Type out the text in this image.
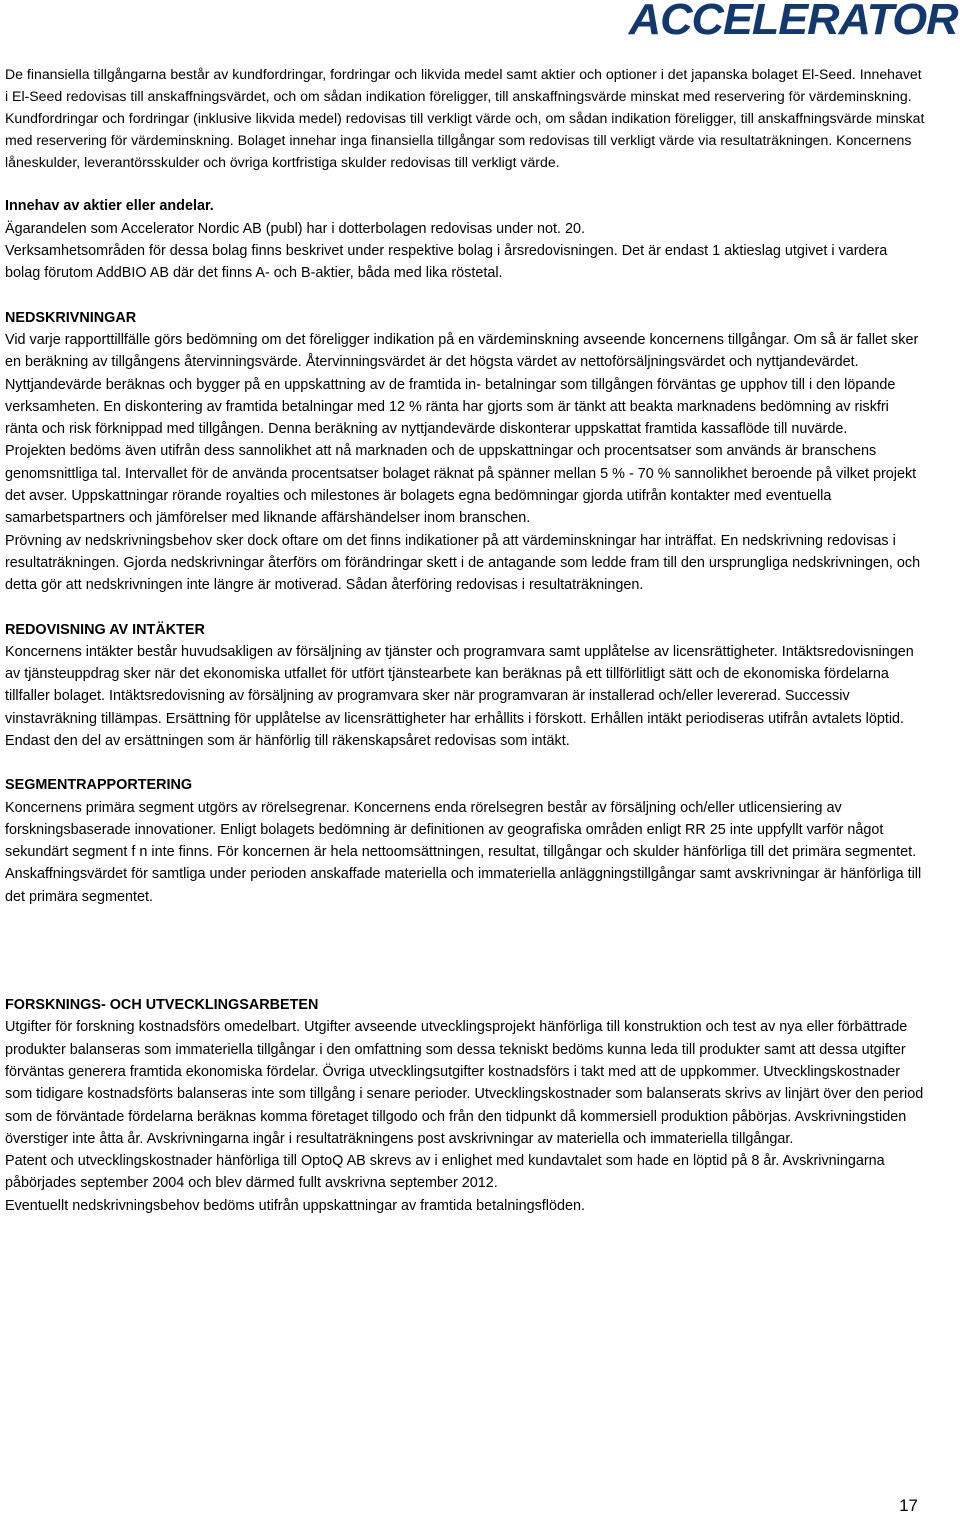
ACCELERATOR

De finansiella tillgångarna består av kundfordringar, fordringar och likvida medel samt aktier och optioner i det japanska bolaget El-Seed. Innehavet i El-Seed redovisas till anskaffningsvärdet, och om sådan indikation föreligger, till anskaffningsvärde minskat med reservering för värdeminskning. Kundfordringar och fordringar (inklusive likvida medel) redovisas till verkligt värde och, om sådan indikation föreligger, till anskaffningsvärde minskat med reservering för värdeminskning. Bolaget innehar inga finansiella tillgångar som redovisas till verkligt värde via resultaträkningen. Koncernens låneskulder, leverantörsskulder och övriga kortfristiga skulder redovisas till verkligt värde.

Innehav av aktier eller andelar.

Ägarandelen som Accelerator Nordic AB (publ) har i dotterbolagen redovisas under not. 20.

Verksamhetsområden för dessa bolag finns beskrivet under respektive bolag i årsredovisningen. Det är endast 1 aktieslag utgivet i vardera bolag förutom AddBIO AB där det finns A- och B-aktier, båda med lika röstetal.

NEDSKRIVNINGAR

Vid varje rapporttillfälle görs bedömning om det föreligger indikation på en värdeminskning avseende koncernens tillgångar. Om så är fallet sker en beräkning av tillgångens återvinningsvärde. Återvinningsvärdet är det högsta värdet av nettoförsäljningsvärdet och nyttjandevärdet. Nyttjandevärde beräknas och bygger på en uppskattning av de framtida in- betalningar som tillgången förväntas ge upphov till i den löpande verksamheten. En diskontering av framtida betalningar med 12 % ränta har gjorts som är tänkt att beakta marknadens bedömning av riskfri ränta och risk förknippad med tillgången. Denna beräkning av nyttjandevärde diskonterar uppskattat framtida kassaflöde till nuvärde.

Projekten bedöms även utifrån dess sannolikhet att nå marknaden och de uppskattningar och procentsatser som används är branschens genomsnittliga tal. Intervallet för de använda procentsatser bolaget räknat på spänner mellan 5 % - 70 % sannolikhet beroende på vilket projekt det avser. Uppskattningar rörande royalties och milestones är bolagets egna bedömningar gjorda utifrån kontakter med eventuella samarbetspartners och jämförelser med liknande affärshändelser inom branschen.

Prövning av nedskrivningsbehov sker dock oftare om det finns indikationer på att värdeminskningar har inträffat. En nedskrivning redovisas i resultaträkningen. Gjorda nedskrivningar återförs om förändringar skett i de antagande som ledde fram till den ursprungliga nedskrivningen, och detta gör att nedskrivningen inte längre är motiverad. Sådan återföring redovisas i resultaträkningen.

REDOVISNING AV INTÄKTER

Koncernens intäkter består huvudsakligen av försäljning av tjänster och programvara samt upplåtelse av licensrättigheter. Intäktsredovisningen av tjänsteuppdrag sker när det ekonomiska utfallet för utfört tjänstearbete kan beräknas på ett tillförlitligt sätt och de ekonomiska fördelarna tillfaller bolaget. Intäktsredovisning av försäljning av programvara sker när programvaran är installerad och/eller levererad. Successiv vinstavräkning tillämpas. Ersättning för upplåtelse av licensrättigheter har erhållits i förskott. Erhållen intäkt periodiseras utifrån avtalets löptid. Endast den del av ersättningen som är hänförlig till räkenskapsåret redovisas som intäkt.

SEGMENTRAPPORTERING

Koncernens primära segment utgörs av rörelsegrenar. Koncernens enda rörelsegren består av försäljning och/eller utlicensiering av forskningsbaserade innovationer. Enligt bolagets bedömning är definitionen av geografiska områden enligt RR 25 inte uppfyllt varför något sekundärt segment f n inte finns. För koncernen är hela nettoomsättningen, resultat, tillgångar och skulder hänförliga till det primära segmentet. Anskaffningsvärdet för samtliga under perioden anskaffade materiella och immateriella anläggningstillgångar samt avskrivningar är hänförliga till det primära segmentet.

FORSKNINGS- OCH UTVECKLINGSARBETEN

Utgifter för forskning kostnadsförs omedelbart. Utgifter avseende utvecklingsprojekt hänförliga till konstruktion och test av nya eller förbättrade produkter balanseras som immateriella tillgångar i den omfattning som dessa tekniskt bedöms kunna leda till produkter samt att dessa utgifter förväntas generera framtida ekonomiska fördelar. Övriga utvecklingsutgifter kostnadsförs i takt med att de uppkommer. Utvecklingskostnader som tidigare kostnadsförts balanseras inte som tillgång i senare perioder. Utvecklingskostnader som balanserats skrivs av linjärt över den period som de förväntade fördelarna beräknas komma företaget tillgodo och från den tidpunkt då kommersiell produktion påbörjas. Avskrivningstiden överstiger inte åtta år. Avskrivningarna ingår i resultaträkningens post avskrivningar av materiella och immateriella tillgångar.

Patent och utvecklingskostnader hänförliga till OptoQ AB skrevs av i enlighet med kundavtalet som hade en löptid på 8 år. Avskrivningarna påbörjades september 2004 och blev därmed fullt avskrivna september 2012.

Eventuellt nedskrivningsbehov bedöms utifrån uppskattningar av framtida betalningsflöden.

17
